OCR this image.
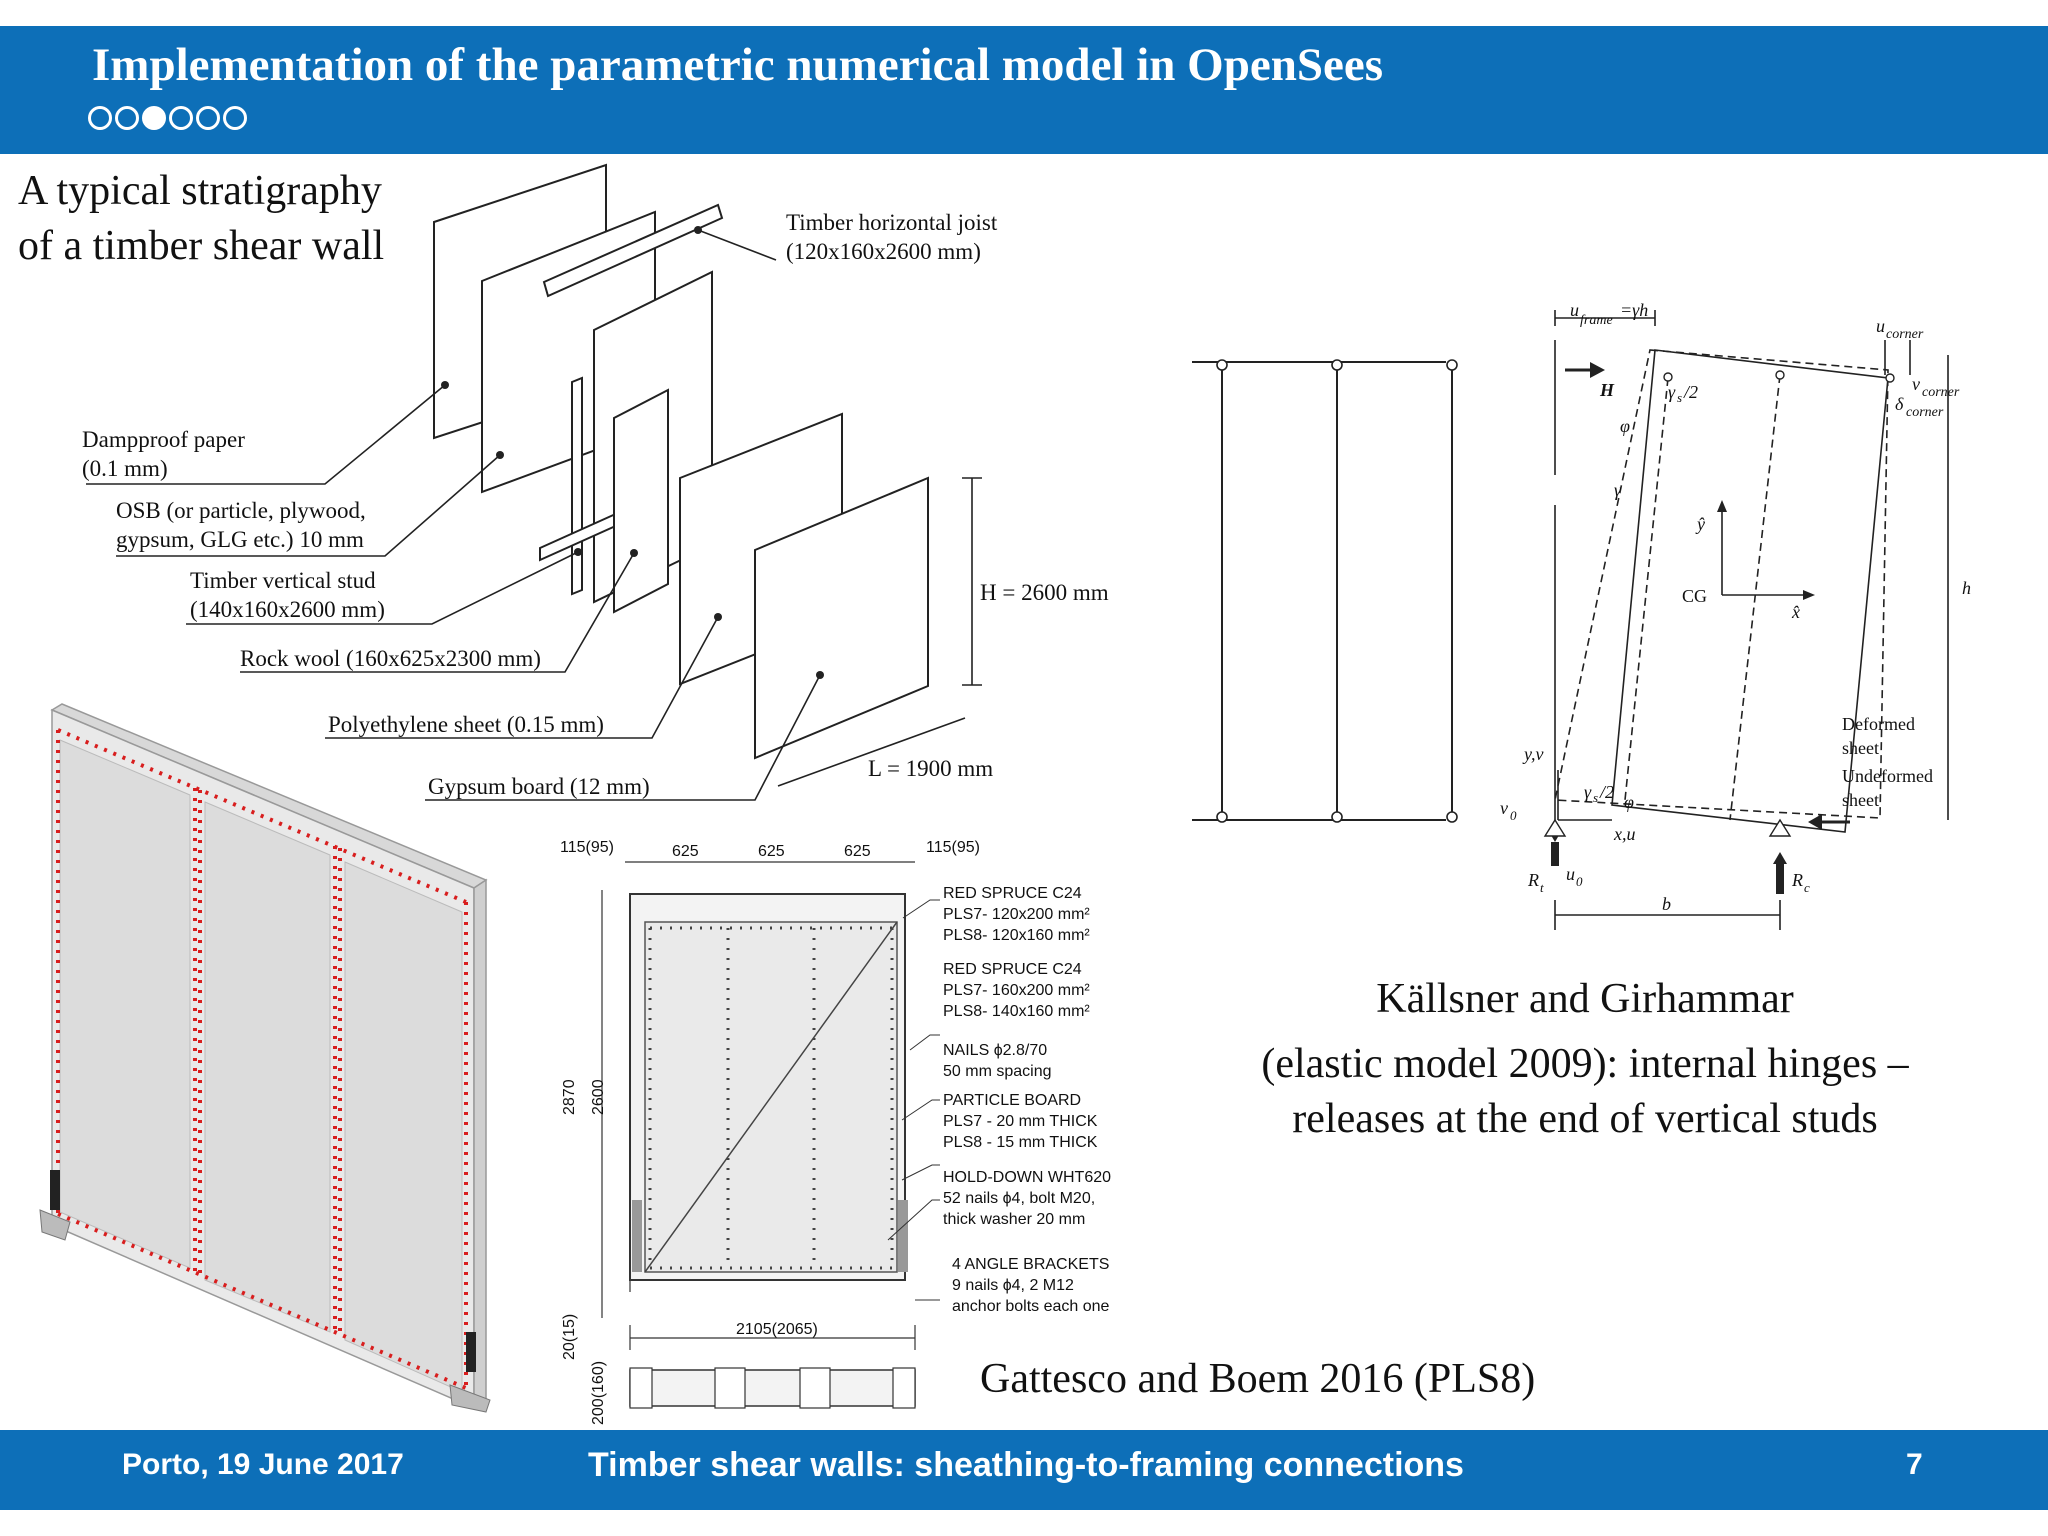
Implementation of the parametric numerical model in OpenSees
A typical stratigraphy
of a timber shear wall
Timber horizontal joist
(120x160x2600 mm)
Dampproof paper
(0.1 mm)
OSB (or particle, plywood,
gypsum, GLG etc.) 10 mm
Timber vertical stud
(140x160x2600 mm)
Rock wool (160x625x2300 mm)
Polyethylene sheet (0.15 mm)
Gypsum board (12 mm)
H = 2600 mm
L = 1900 mm
115(95)	625	625	625	115(95)
2870 2600
2105(2065)
20(15)
200(160)
RED SPRUCE C24
PLS7- 120x200 mm²
PLS8- 120x160 mm²
RED SPRUCE C24
PLS7- 160x200 mm²
PLS8- 140x160 mm²
NAILS ϕ2.8/70
50 mm spacing
PARTICLE BOARD
PLS7 - 20 mm THICK
PLS8 - 15 mm THICK
HOLD-DOWN WHT620
52 nails ϕ4, bolt M20,
thick washer 20 mm
4 ANGLE BRACKETS
9 nails ϕ4, 2 M12
anchor bolts each one
u
frame
=γh
u corner
v corner
δ corner
H	γ s /2
φ
γ
ŷ
x̂
CG	h
Deformed
sheet
Undeformed
sheet
y,v
v 0
γ s /2 φ
x,u
R t
u 0	R c
b
Källsner and Girhammar
(elastic model 2009): internal hinges –
releases at the end of vertical studs
Gattesco and Boem 2016 (PLS8)
Porto, 19 June 2017	Timber shear walls: sheathing-to-framing connections	7
